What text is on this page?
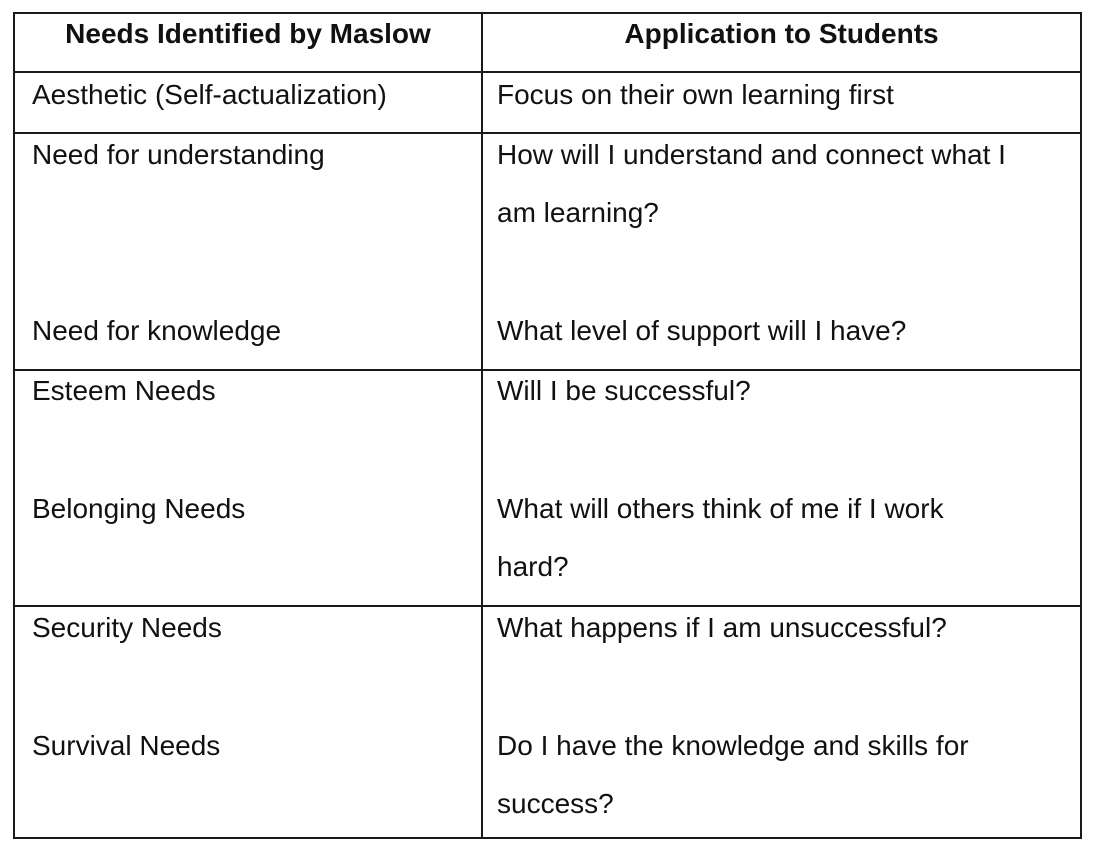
Needs Identified by Maslow	Application to Students
Aesthetic (Self-actualization)	Focus on their own learning first
Need for understanding
Need for knowledge
How will I understand and connect what I
am learning?
What level of support will I have?
Esteem Needs
Belonging Needs
Will I be successful?
What will others think of me if I work
hard?
Security Needs
Survival Needs
What happens if I am unsuccessful?
Do I have the knowledge and skills for
success?
